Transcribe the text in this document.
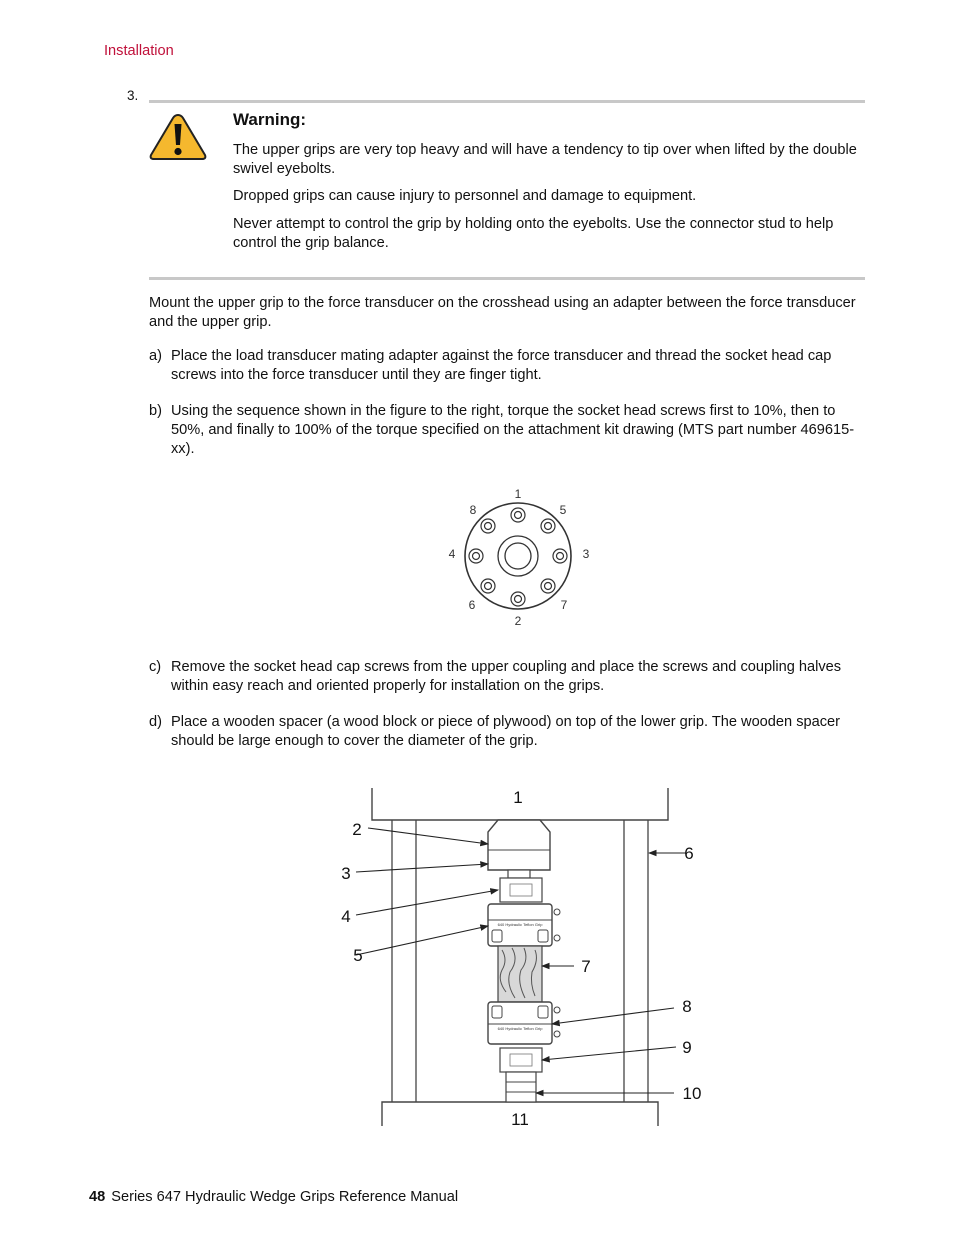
Installation
3.
Warning:
The upper grips are very top heavy and will have a tendency to tip over when lifted by the double swivel eyebolts.
Dropped grips can cause injury to personnel and damage to equipment.
Never attempt to control the grip by holding onto the eyebolts. Use the connector stud to help control the grip balance.
Mount the upper grip to the force transducer on the crosshead using an adapter between the force transducer and the upper grip.
a) Place the load transducer mating adapter against the force transducer and thread the socket head cap screws into the force transducer until they are finger tight.
b) Using the sequence shown in the figure to the right, torque the socket head screws first to 10%, then to 50%, and finally to 100% of the torque specified on the attachment kit drawing (MTS part number 469615-xx).
1
2
3
4
5
6	7
8
c) Remove the socket head cap screws from the upper coupling and place the screws and coupling halves within easy reach and oriented properly for installation on the grips.
d) Place a wooden spacer (a wood block or piece of plywood) on top of the lower grip. The wooden spacer should be large enough to cover the diameter of the grip.
640 Hydraulic Teflon Grip
640 Hydraulic Teflon Grip
1
2
3
4
5
6
7
8
9
10
11
48 Series 647 Hydraulic Wedge Grips Reference Manual
